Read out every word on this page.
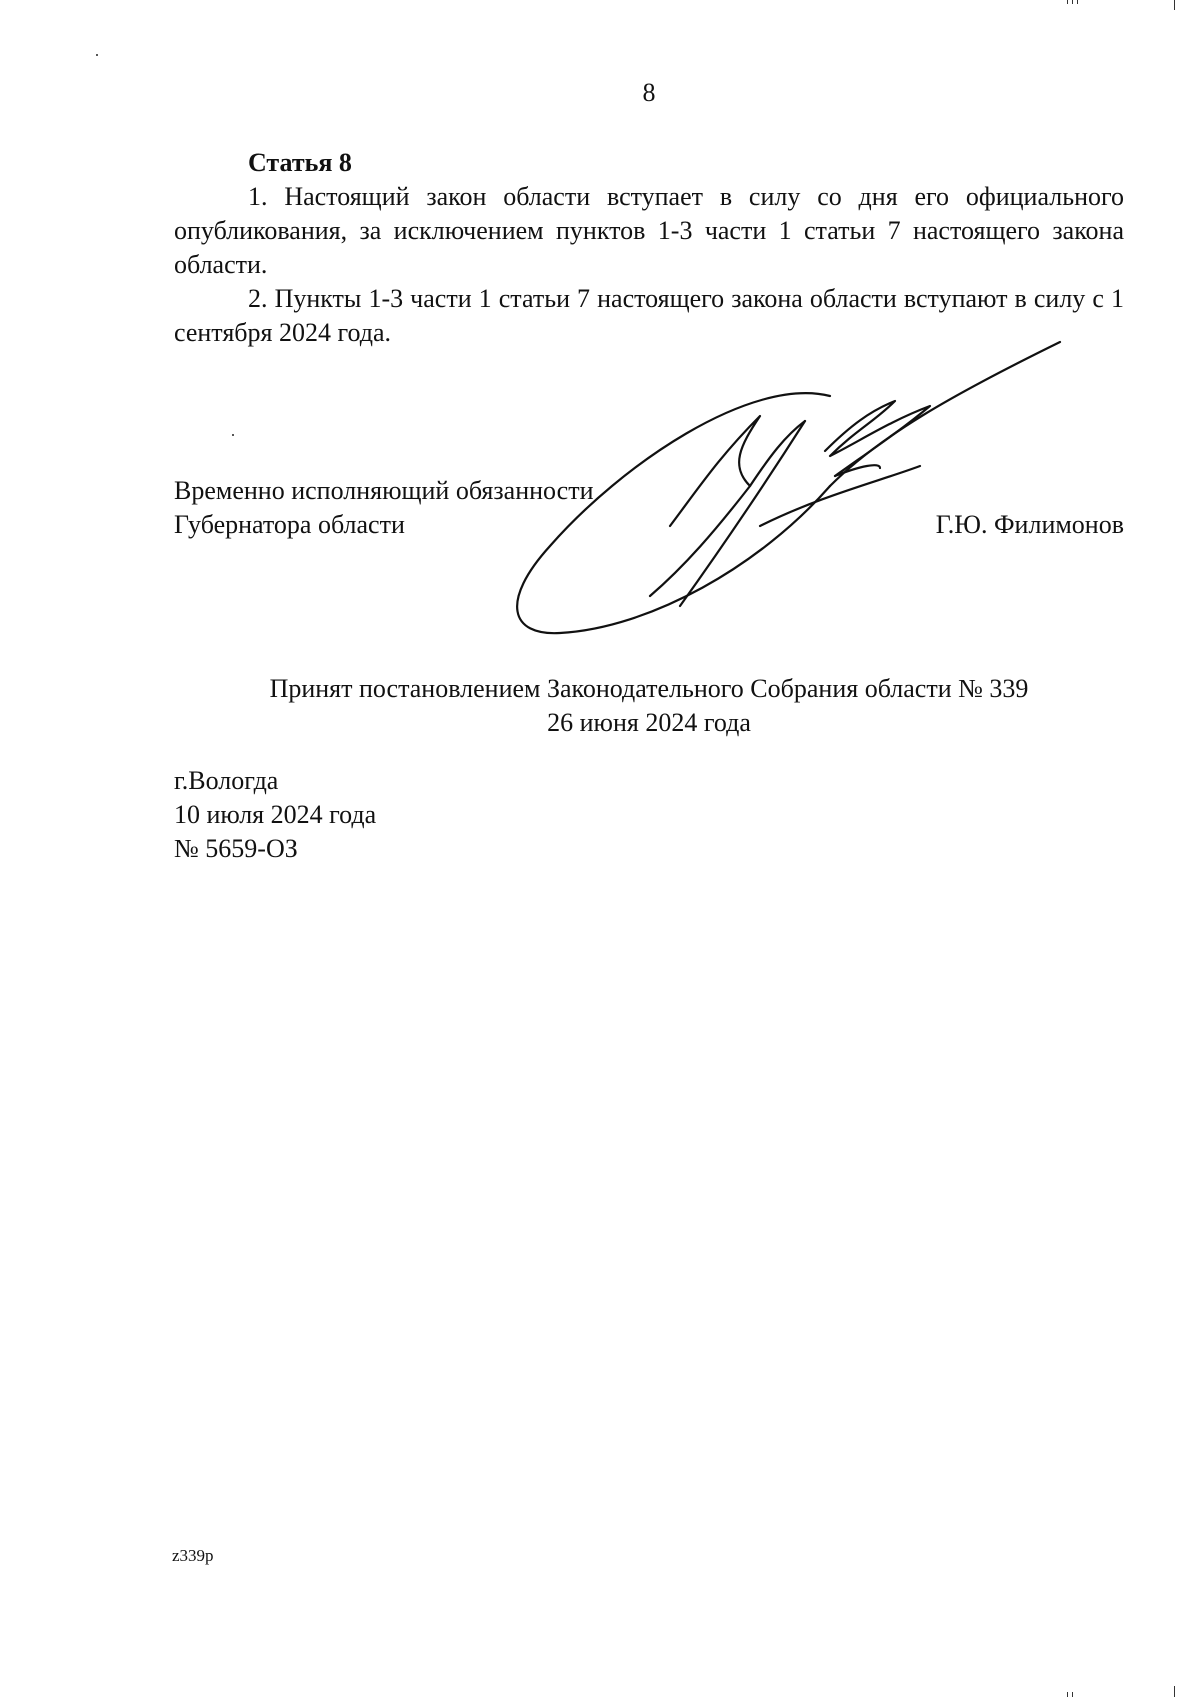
8

Статья 8

1. Настоящий закон области вступает в силу со дня его официального опубликования, за исключением пунктов 1-3 части 1 статьи 7 настоящего закона области.

2. Пункты 1-3 части 1 статьи 7 настоящего закона области вступают в силу с 1 сентября 2024 года.

Временно исполняющий обязанности
Губернатора области	Г.Ю. Филимонов
Принят постановлением Законодательного Собрания области № 339
26 июня 2024 года
г.Вологда
10 июля 2024 года
№ 5659-ОЗ
z339p
